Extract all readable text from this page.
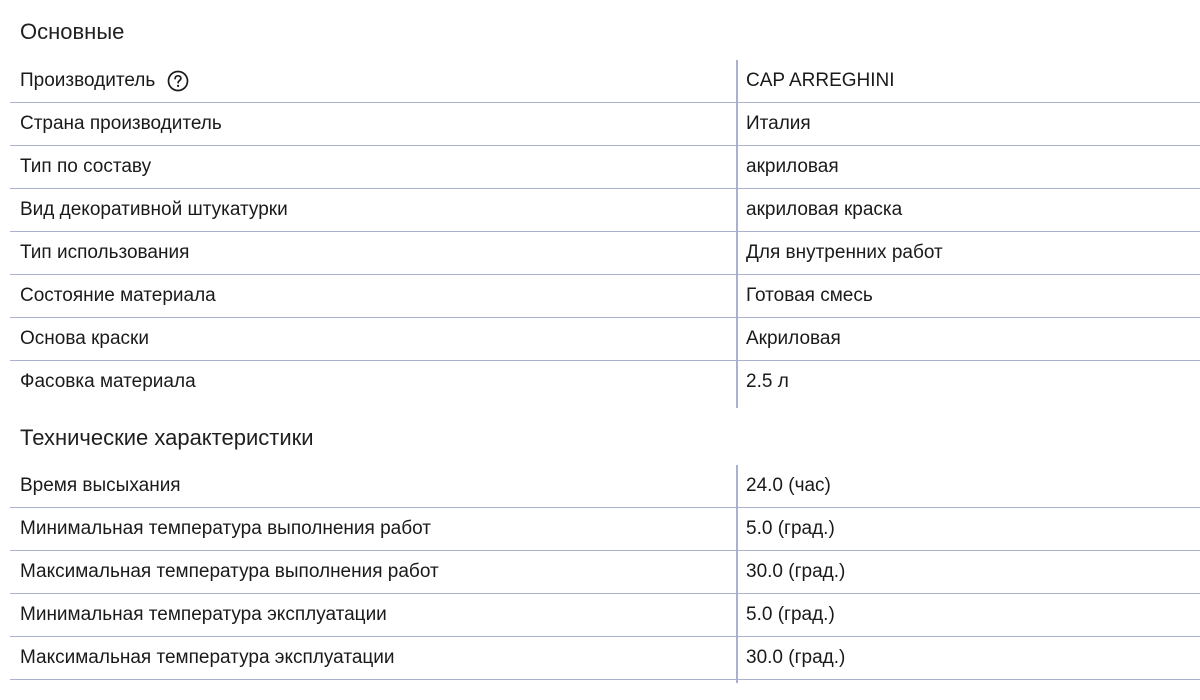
Основные
Производитель	CAP ARREGHINI
Страна производитель	Италия
Тип по составу	акриловая
Вид декоративной штукатурки	акриловая краска
Тип использования	Для внутренних работ
Состояние материала	Готовая смесь
Основа краски	Акриловая
Фасовка материала	2.5 л
Технические характеристики
Время высыхания	24.0 (час)
Минимальная температура выполнения работ	5.0 (град.)
Максимальная температура выполнения работ	30.0 (град.)
Минимальная температура эксплуатации	5.0 (град.)
Максимальная температура эксплуатации	30.0 (град.)
